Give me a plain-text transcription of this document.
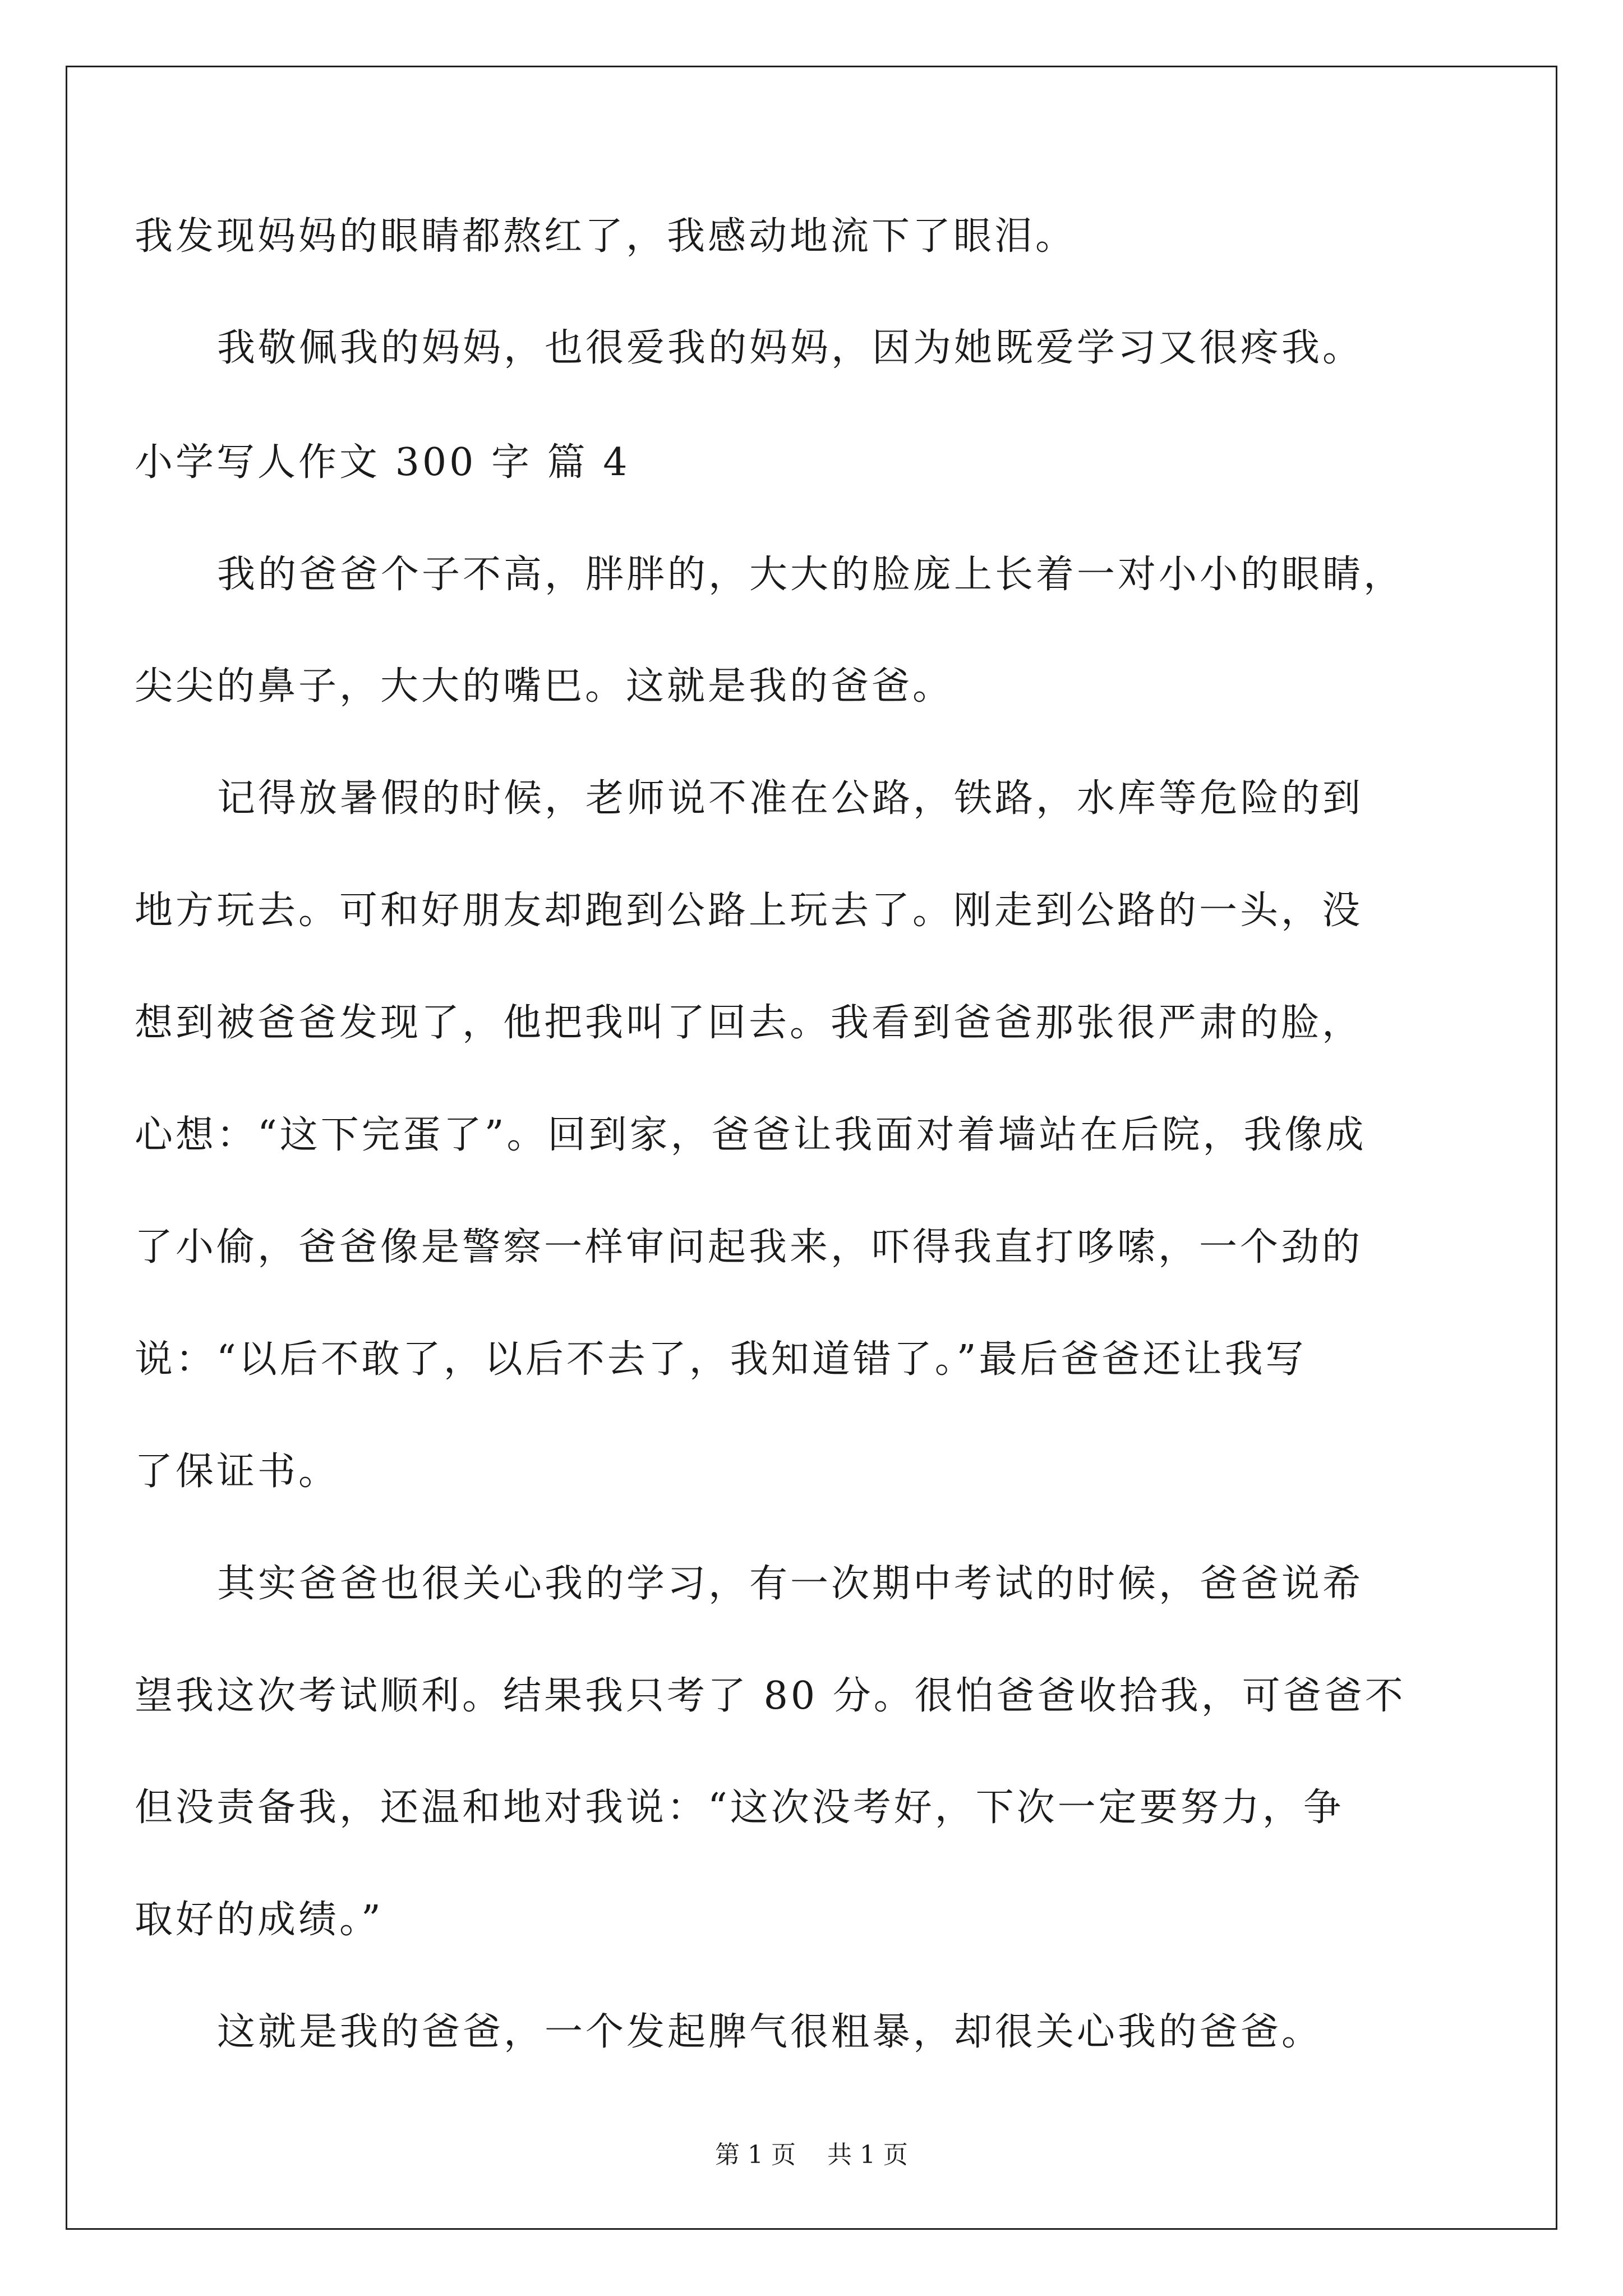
我发现妈妈的眼睛都熬红了，我感动地流下了眼泪。
我敬佩我的妈妈，也很爱我的妈妈，因为她既爱学习又很疼我。
小学写人作文 300 字 篇 4
我的爸爸个子不高，胖胖的，大大的脸庞上长着一对小小的眼睛，
尖尖的鼻子，大大的嘴巴。这就是我的爸爸。
记得放暑假的时候，老师说不准在公路，铁路，水库等危险的到
地方玩去。可和好朋友却跑到公路上玩去了。刚走到公路的一头，没
想到被爸爸发现了，他把我叫了回去。我看到爸爸那张很严肃的脸，
心想：“这下完蛋了”。回到家，爸爸让我面对着墙站在后院，我像成
了小偷，爸爸像是警察一样审问起我来，吓得我直打哆嗦，一个劲的
说：“以后不敢了，以后不去了，我知道错了。”最后爸爸还让我写
了保证书。
其实爸爸也很关心我的学习，有一次期中考试的时候，爸爸说希
望我这次考试顺利。结果我只考了 80 分。很怕爸爸收拾我，可爸爸不
但没责备我，还温和地对我说：“这次没考好，下次一定要努力，争
取好的成绩。”
这就是我的爸爸，一个发起脾气很粗暴，却很关心我的爸爸。
第 1 页    共 1 页
